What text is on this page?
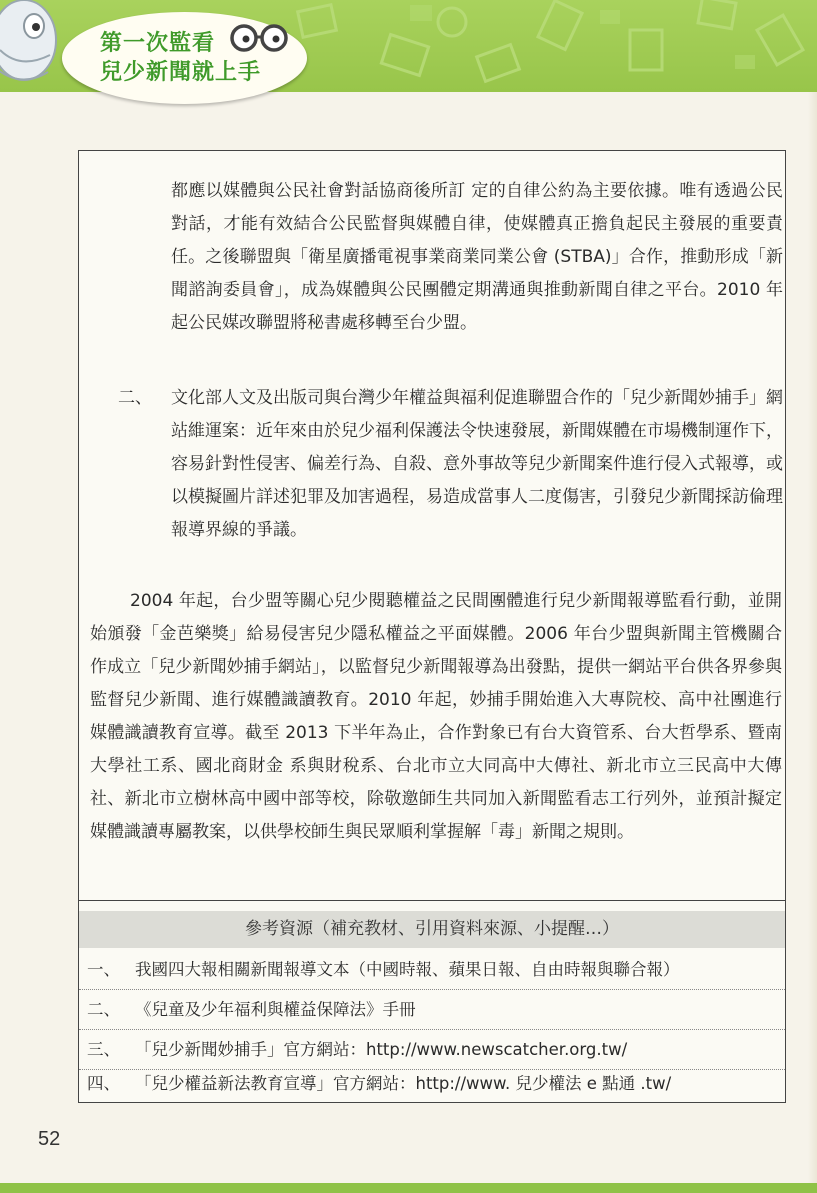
第一次監看
兒少新聞就上手
都應以媒體與公民社會對話協商後所訂 定的自律公約為主要依據。唯有透過公民對話，才能有效結合公民監督與媒體自律，使媒體真正擔負起民主發展的重要責任。之後聯盟與「衛星廣播電視事業商業同業公會 (STBA)」合作，推動形成「新聞諮詢委員會」，成為媒體與公民團體定期溝通與推動新聞自律之平台。2010 年起公民媒改聯盟將秘書處移轉至台少盟。
二、 文化部人文及出版司與台灣少年權益與福利促進聯盟合作的「兒少新聞妙捕手」網站維運案：近年來由於兒少福利保護法令快速發展，新聞媒體在市場機制運作下，容易針對性侵害、偏差行為、自殺、意外事故等兒少新聞案件進行侵入式報導，或以模擬圖片詳述犯罪及加害過程，易造成當事人二度傷害，引發兒少新聞採訪倫理報導界線的爭議。
2004 年起，台少盟等關心兒少閱聽權益之民間團體進行兒少新聞報導監看行動，並開始頒發「金芭樂獎」給易侵害兒少隱私權益之平面媒體。2006 年台少盟與新聞主管機關合作成立「兒少新聞妙捕手網站」，以監督兒少新聞報導為出發點，提供一網站平台供各界參與監督兒少新聞、進行媒體識讀教育。2010 年起，妙捕手開始進入大專院校、高中社團進行媒體識讀教育宣導。截至 2013 下半年為止，合作對象已有台大資管系、台大哲學系、暨南大學社工系、國北商財金 系與財稅系、台北市立大同高中大傳社、新北市立三民高中大傳社、新北市立樹林高中國中部等校，除敬邀師生共同加入新聞監看志工行列外，並預計擬定媒體識讀專屬教案，以供學校師生與民眾順利掌握解「毒」新聞之規則。
參考資源（補充教材、引用資料來源、小提醒…）
一、 我國四大報相關新聞報導文本（中國時報、蘋果日報、自由時報與聯合報）
二、 《兒童及少年福利與權益保障法》手冊
三、 「兒少新聞妙捕手」官方網站：http://www.newscatcher.org.tw/
四、 「兒少權益新法教育宣導」官方網站：http://www. 兒少權法 e 點通 .tw/
52
